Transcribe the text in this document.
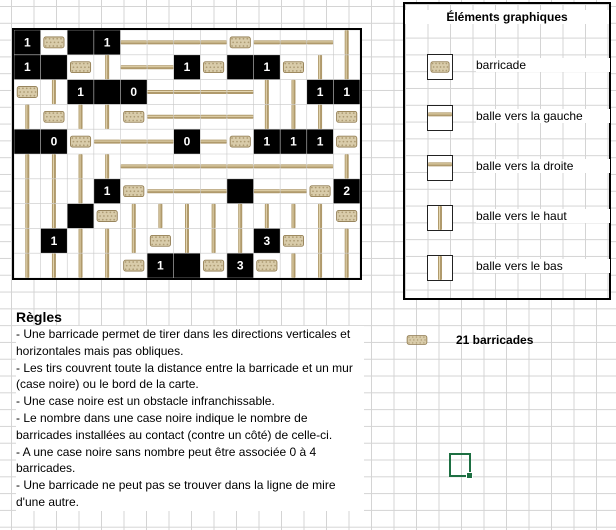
1	1
1	1	1
1	0	1 1
0	0	1 1 1
1	2
1	3
1	3
Éléments graphiques
barricade
balle vers la gauche
balle vers la droite
balle vers le haut
balle vers le bas
Règles

- Une barricade permet de tirer dans les directions verticales et horizontales mais pas obliques.

- Les tirs couvrent toute la distance entre la barricade et un mur (case noire) ou le bord de la carte.

- Une case noire est un obstacle infranchissable.

- Le nombre dans une case noire indique le nombre de barricades installées au contact (contre un côté) de celle-ci.

- A une case noire sans nombre peut être associée 0 à 4 barricades.

- Une barricade ne peut pas se trouver dans la ligne de mire d'une autre.

21 barricades
